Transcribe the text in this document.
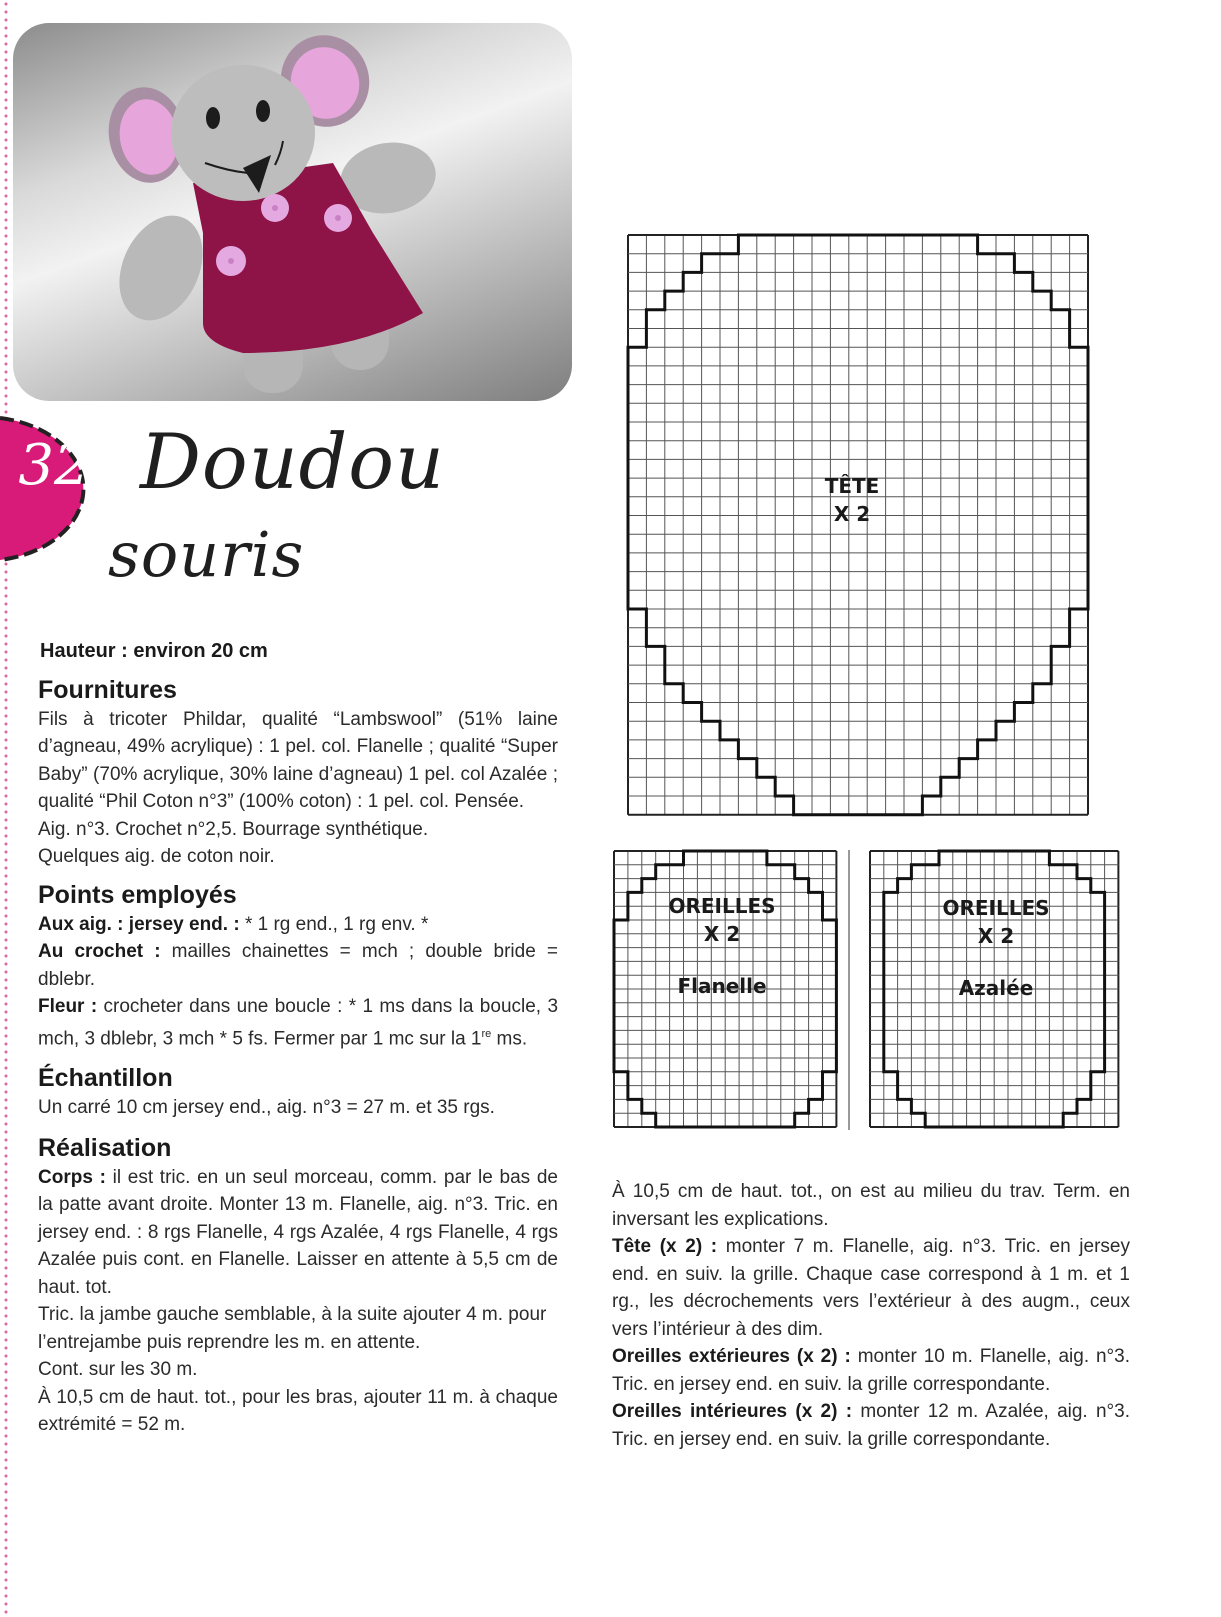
32 Doudou
souris

Hauteur : environ 20 cm

Fournitures

Fils à tricoter Phildar, qualité “Lambswool” (51% laine d’agneau, 49% acrylique) : 1 pel. col. Flanelle ; qualité “Super Baby” (70% acrylique, 30% laine d’agneau) 1 pel. col Azalée ; qualité “Phil Coton n°3” (100% coton) : 1 pel. col. Pensée.

Aig. n°3. Crochet n°2,5. Bourrage synthétique.

Quelques aig. de coton noir.

Points employés

Aux aig. : jersey end. : * 1 rg end., 1 rg env. *

Au crochet : mailles chainettes = mch ; double bride = dblebr.

Fleur : crocheter dans une boucle : * 1 ms dans la boucle, 3 mch, 3 dblebr, 3 mch * 5 fs. Fermer par 1 mc sur la 1re ms.

Échantillon

Un carré 10 cm jersey end., aig. n°3 = 27 m. et 35 rgs.

Réalisation

Corps : il est tric. en un seul morceau, comm. par le bas de la patte avant droite. Monter 13 m. Flanelle, aig. n°3. Tric. en jersey end. : 8 rgs Flanelle, 4 rgs Azalée, 4 rgs Flanelle, 4 rgs Azalée puis cont. en Flanelle. Laisser en attente à 5,5 cm de haut. tot.

Tric. la jambe gauche semblable, à la suite ajouter 4 m. pour l’entrejambe puis reprendre les m. en attente.

Cont. sur les 30 m.

À 10,5 cm de haut. tot., pour les bras, ajouter 11 m. à chaque extrémité = 52 m.

TÊTE
X 2
OREILLES
X 2
Flanelle
OREILLES
X 2
Azalée

À 10,5 cm de haut. tot., on est au milieu du trav. Term. en inversant les explications.

Tête (x 2) : monter 7 m. Flanelle, aig. n°3. Tric. en jersey end. en suiv. la grille. Chaque case correspond à 1 m. et 1 rg., les décrochements vers l’extérieur à des augm., ceux vers l’intérieur à des dim.

Oreilles extérieures (x 2) : monter 10 m. Flanelle, aig. n°3. Tric. en jersey end. en suiv. la grille correspondante.

Oreilles intérieures (x 2) : monter 12 m. Azalée, aig. n°3. Tric. en jersey end. en suiv. la grille correspondante.
